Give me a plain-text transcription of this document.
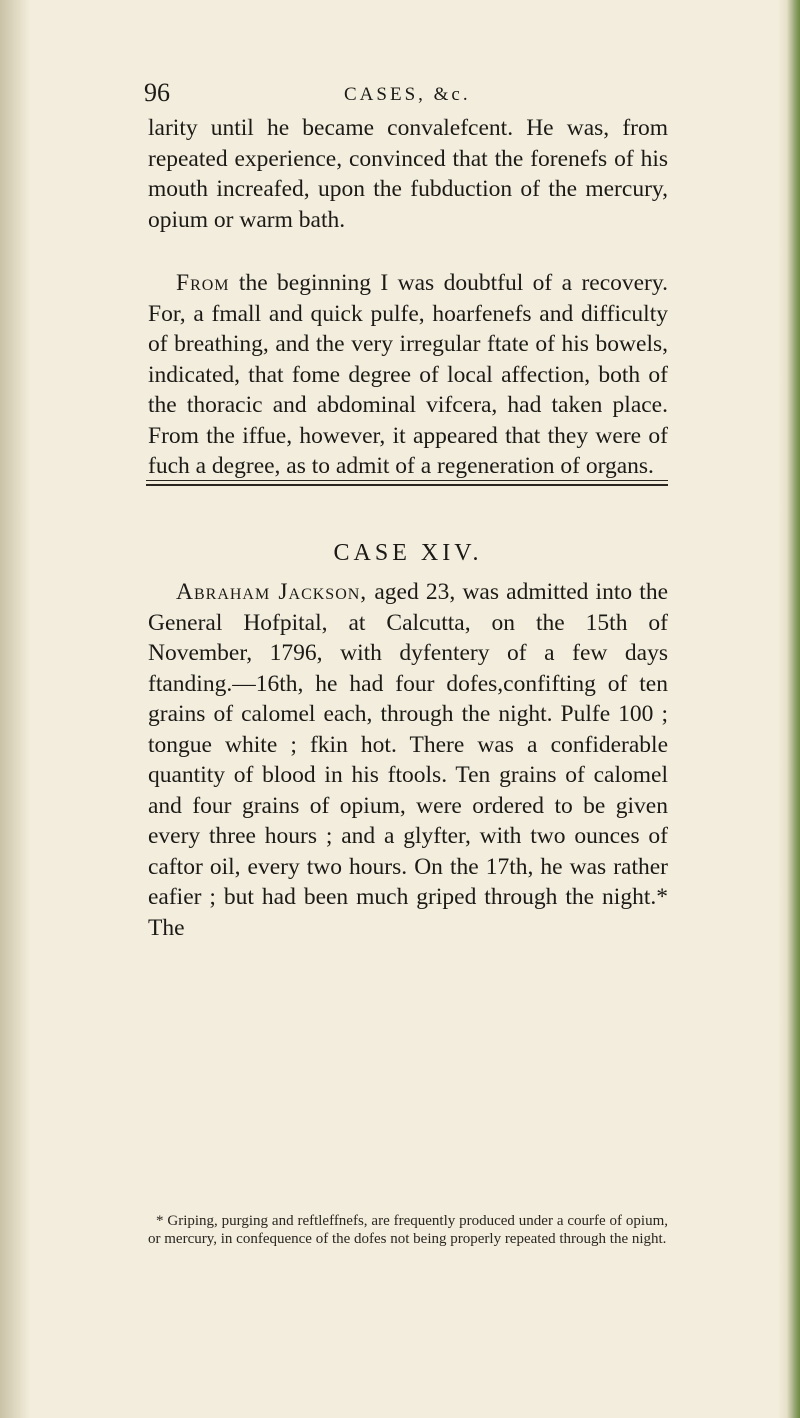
96	CASES, &c.

larity until he became convalefcent. He was, from repeated experience, convinced that the forenefs of his mouth increafed, upon the fubduction of the mercury, opium or warm bath.

From the beginning I was doubtful of a recovery. For, a fmall and quick pulfe, hoarfenefs and difficulty of breathing, and the very irregular ftate of his bowels, indicated, that fome degree of local affection, both of the thoracic and abdominal vifcera, had taken place. From the iffue, however, it appeared that they were of fuch a degree, as to admit of a regeneration of organs.

CASE XIV.

Abraham Jackson, aged 23, was admitted into the General Hofpital, at Calcutta, on the 15th of November, 1796, with dyfentery of a few days ftanding.—16th, he had four dofes,confifting of ten grains of calomel each, through the night. Pulfe 100 ; tongue white ; fkin hot. There was a confiderable quantity of blood in his ftools. Ten grains of calomel and four grains of opium, were ordered to be given every three hours ; and a glyfter, with two ounces of caftor oil, every two hours. On the 17th, he was rather eafier ; but had been much griped through the night.* The

* Griping, purging and reftleffnefs, are frequently produced under a courfe of opium, or mercury, in confequence of the dofes not being properly repeated through the night.
